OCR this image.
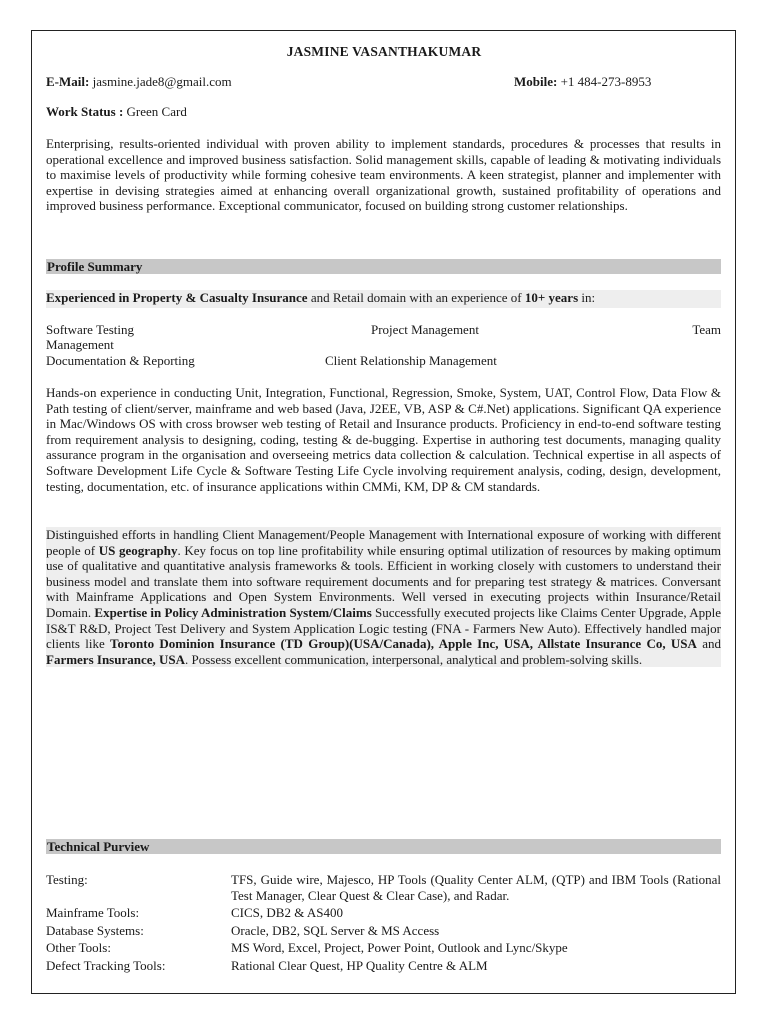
JASMINE VASANTHAKUMAR
E-Mail: jasmine.jade8@gmail.com	Mobile: +1 484-273-8953
Work Status : Green Card
Enterprising, results-oriented individual with proven ability to implement standards, procedures & processes that results in operational excellence and improved business satisfaction. Solid management skills, capable of leading & motivating individuals to maximise levels of productivity while forming cohesive team environments. A keen strategist, planner and implementer with expertise in devising strategies aimed at enhancing overall organizational growth, sustained profitability of operations and improved business performance. Exceptional communicator, focused on building strong customer relationships.
Profile Summary
Experienced in Property & Casualty Insurance and Retail domain with an experience of 10+ years in:
Software Testing	Project Management	Team
Management
Documentation & Reporting	Client Relationship Management
Hands-on experience in conducting Unit, Integration, Functional, Regression, Smoke, System, UAT, Control Flow, Data Flow & Path testing of client/server, mainframe and web based (Java, J2EE, VB, ASP & C#.Net) applications. Significant QA experience in Mac/Windows OS with cross browser web testing of Retail and Insurance products. Proficiency in end-to-end software testing from requirement analysis to designing, coding, testing & de-bugging. Expertise in authoring test documents, managing quality assurance program in the organisation and overseeing metrics data collection & calculation. Technical expertise in all aspects of Software Development Life Cycle & Software Testing Life Cycle involving requirement analysis, coding, design, development, testing, documentation, etc. of insurance applications within CMMi, KM, DP & CM standards.
Distinguished efforts in handling Client Management/People Management with International exposure of working with different people of US geography. Key focus on top line profitability while ensuring optimal utilization of resources by making optimum use of qualitative and quantitative analysis frameworks & tools. Efficient in working closely with customers to understand their business model and translate them into software requirement documents and for preparing test strategy & matrices. Conversant with Mainframe Applications and Open System Environments. Well versed in executing projects within Insurance/Retail Domain. Expertise in Policy Administration System/Claims Successfully executed projects like Claims Center Upgrade, Apple IS&T R&D, Project Test Delivery and System Application Logic testing (FNA - Farmers New Auto). Effectively handled major clients like Toronto Dominion Insurance (TD Group)(USA/Canada), Apple Inc, USA, Allstate Insurance Co, USA and Farmers Insurance, USA. Possess excellent communication, interpersonal, analytical and problem-solving skills.
Technical Purview
Testing:	TFS, Guide wire, Majesco, HP Tools (Quality Center ALM, (QTP) and IBM Tools (Rational Test Manager, Clear Quest & Clear Case), and Radar.
Mainframe Tools:	CICS, DB2 & AS400
Database Systems:	Oracle, DB2, SQL Server & MS Access
Other Tools:	MS Word, Excel, Project, Power Point, Outlook and Lync/Skype
Defect Tracking Tools:	Rational Clear Quest, HP Quality Centre & ALM
